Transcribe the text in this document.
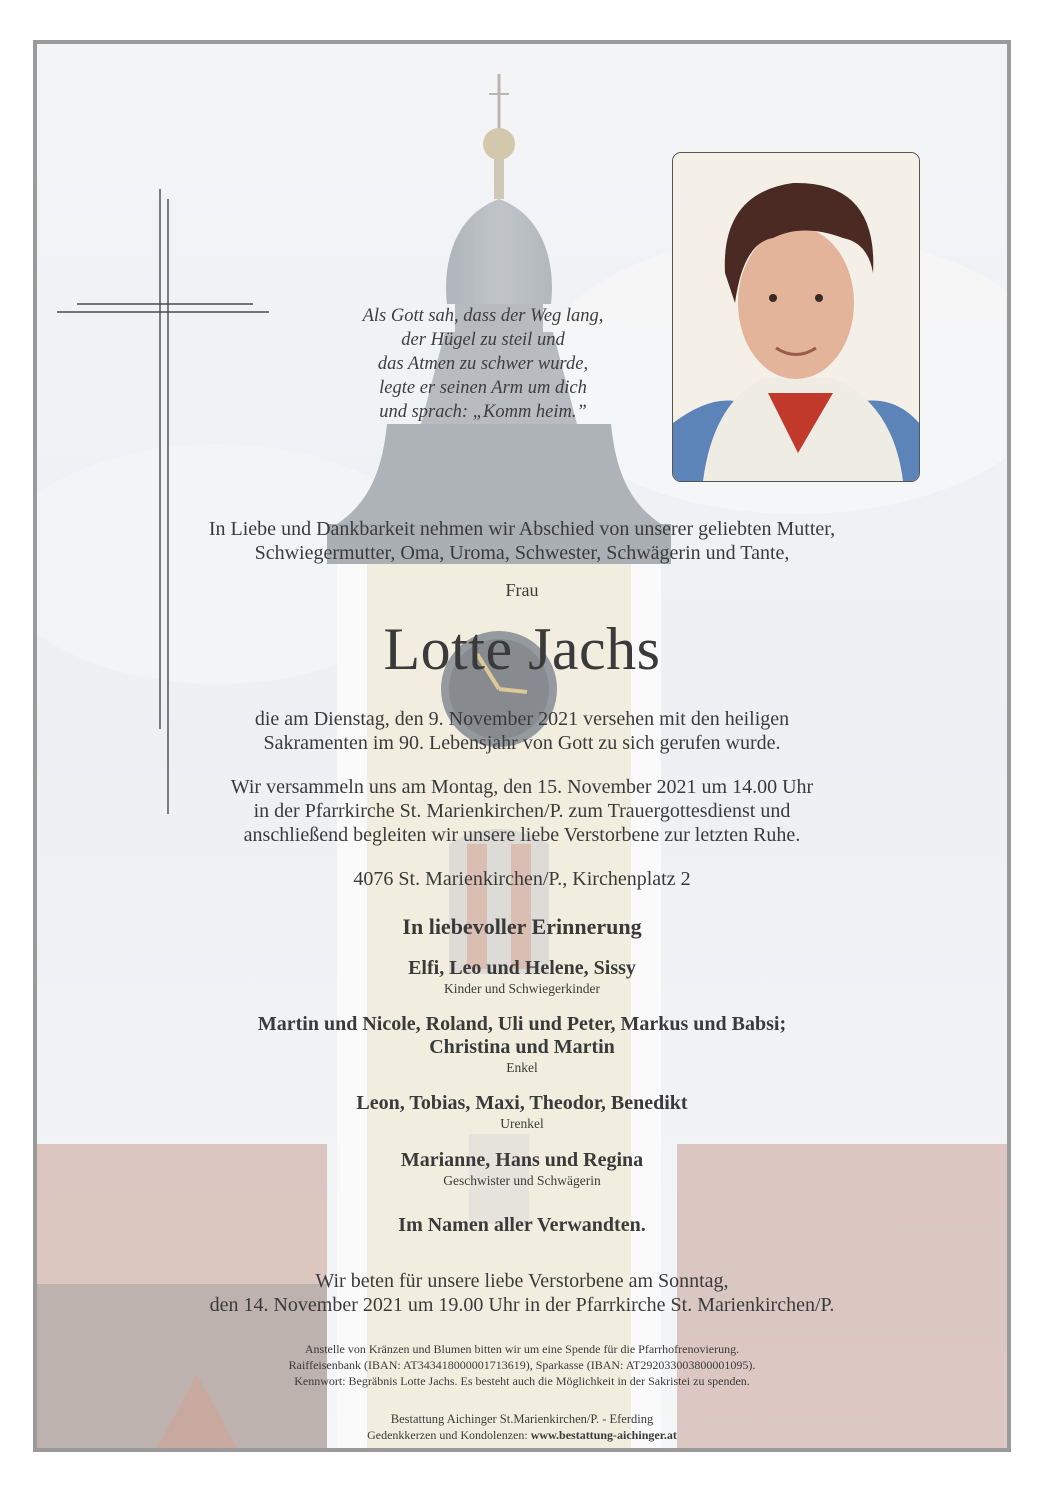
Als Gott sah, dass der Weg lang,
der Hügel zu steil und
das Atmen zu schwer wurde,
legte er seinen Arm um dich
und sprach: „Komm heim.”
In Liebe und Dankbarkeit nehmen wir Abschied von unserer geliebten Mutter,
Schwiegermutter, Oma, Uroma, Schwester, Schwägerin und Tante,
Frau
Lotte Jachs
die am Dienstag, den 9. November 2021 versehen mit den heiligen
Sakramenten im 90. Lebensjahr von Gott zu sich gerufen wurde.
Wir versammeln uns am Montag, den 15. November 2021 um 14.00 Uhr
in der Pfarrkirche St. Marienkirchen/P. zum Trauergottesdienst und
anschließend begleiten wir unsere liebe Verstorbene zur letzten Ruhe.
4076 St. Marienkirchen/P., Kirchenplatz 2
In liebevoller Erinnerung
Elfi, Leo und Helene, Sissy
Kinder und Schwiegerkinder
Martin und Nicole, Roland, Uli und Peter, Markus und Babsi;
Christina und Martin
Enkel
Leon, Tobias, Maxi, Theodor, Benedikt
Urenkel
Marianne, Hans und Regina
Geschwister und Schwägerin
Im Namen aller Verwandten.
Wir beten für unsere liebe Verstorbene am Sonntag,
den 14. November 2021 um 19.00 Uhr in der Pfarrkirche St. Marienkirchen/P.
Anstelle von Kränzen und Blumen bitten wir um eine Spende für die Pfarrhofrenovierung.
Raiffeisenbank (IBAN: AT343418000001713619), Sparkasse (IBAN: AT292033003800001095).
Kennwort: Begräbnis Lotte Jachs. Es besteht auch die Möglichkeit in der Sakristei zu spenden.
Bestattung Aichinger St.Marienkirchen/P. - Eferding
Gedenkkerzen und Kondolenzen: www.bestattung-aichinger.at
